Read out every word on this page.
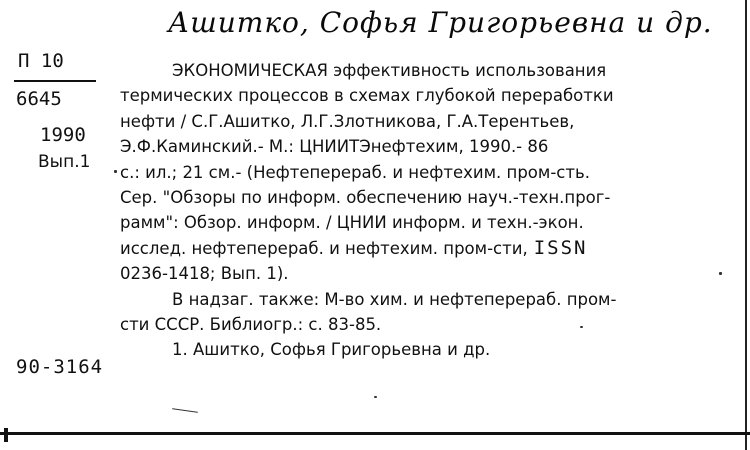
Ашитко, Софья Григорьевна и др.
П 10
6645
1990
Вып.1
ЭКОНОМИЧЕСКАЯ эффективность использования
термических процессов в схемах глубокой переработки
нефти / С.Г.Ашитко, Л.Г.Злотникова, Г.А.Терентьев,
Э.Ф.Каминский.- М.: ЦНИИТЭнефтехим, 1990.- 86
с.: ил.; 21 см.- (Нефтеперераб. и нефтехим. пром-сть.
Сер. "Обзоры по информ. обеспечению науч.-техн.прог-
рамм": Обзор. информ. / ЦНИИ информ. и техн.-экон.
исслед. нефтеперераб. и нефтехим. пром-сти, ISSN
0236-1418; Вып. 1).
В надзаг. также: М-во хим. и нефтеперераб. пром-
сти СССР. Библиогр.: с. 83-85.
1. Ашитко, Софья Григорьевна и др.
90-3164
